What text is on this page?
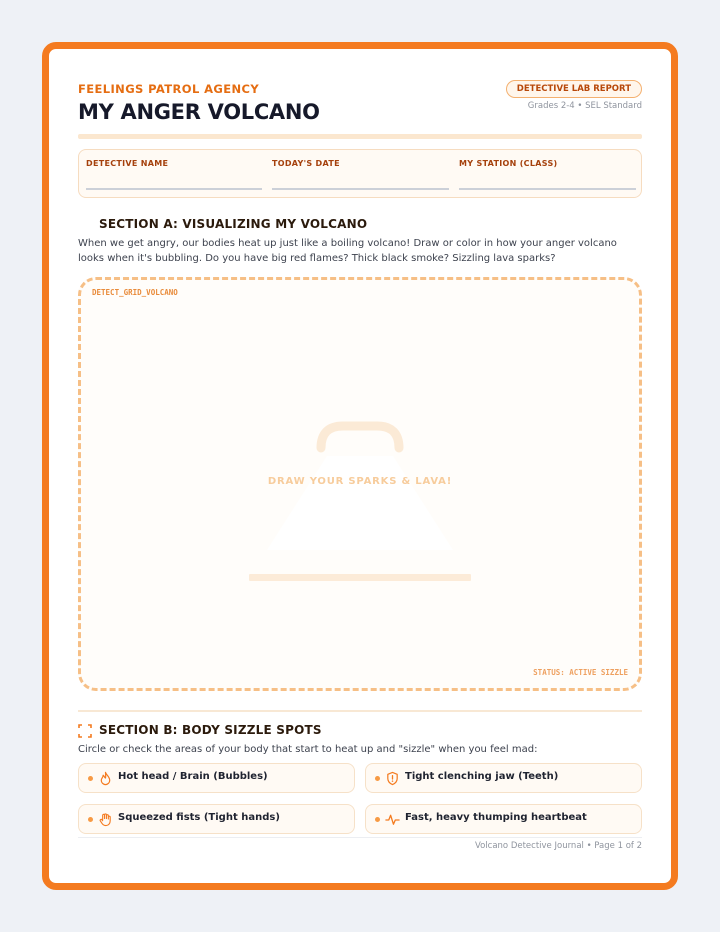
FEELINGS PATROL AGENCY
MY ANGER VOLCANO
DETECTIVE LAB REPORT
Grades 2-4 • SEL Standard
DETECTIVE NAME	TODAY'S DATE	MY STATION (CLASS)
SECTION A: VISUALIZING MY VOLCANO
When we get angry, our bodies heat up just like a boiling volcano! Draw or color in how your anger volcano looks when it's bubbling. Do you have big red flames? Thick black smoke? Sizzling lava sparks?
DETECT_GRID_VOLCANO
DRAW YOUR SPARKS & LAVA!
STATUS: ACTIVE SIZZLE
SECTION B: BODY SIZZLE SPOTS
Circle or check the areas of your body that start to heat up and "sizzle" when you feel mad:
Hot head / Brain (Bubbles)	Tight clenching jaw (Teeth)
Squeezed fists (Tight hands)	Fast, heavy thumping heartbeat
Volcano Detective Journal • Page 1 of 2
